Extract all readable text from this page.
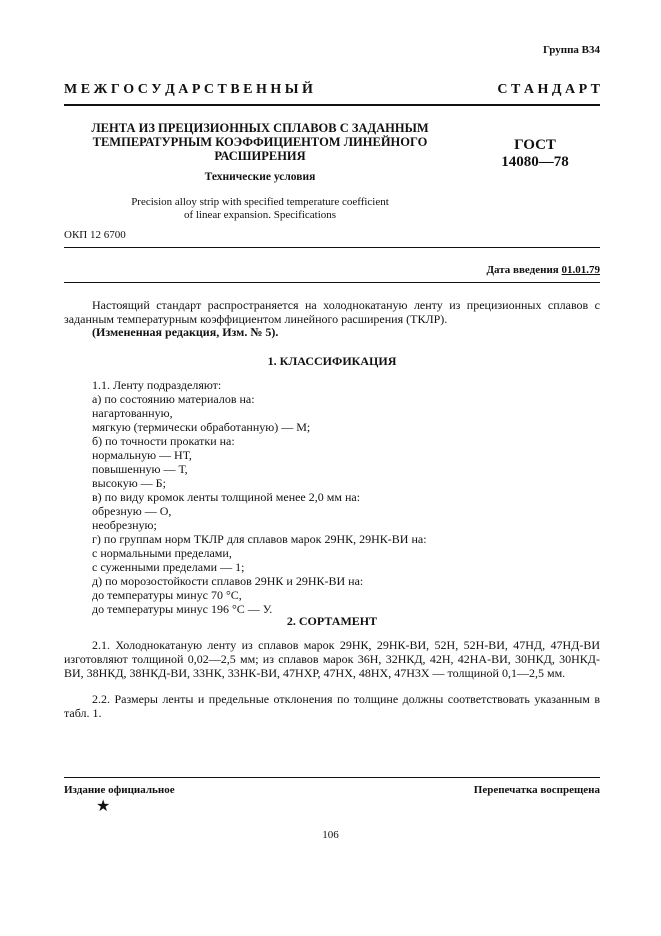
Группа В34
М Е Ж Г О С У Д А Р С Т В Е Н Н Ы Й	С Т А Н Д А Р Т
ЛЕНТА ИЗ ПРЕЦИЗИОННЫХ СПЛАВОВ С ЗАДАННЫМ ТЕМПЕРАТУРНЫМ КОЭФФИЦИЕНТОМ ЛИНЕЙНОГО РАСШИРЕНИЯ
Технические условия
Precision alloy strip with specified temperature coefficient of linear expansion. Specifications
ГОСТ
14080—78
ОКП 12 6700
Дата введения 01.01.79
Настоящий стандарт распространяется на холоднокатаную ленту из прецизионных сплавов с заданным температурным коэффициентом линейного расширения (ТКЛР).
(Измененная редакция, Изм. № 5).
1. КЛАССИФИКАЦИЯ
1.1. Ленту подразделяют:
а) по состоянию материалов на:
нагартованную,
мягкую (термически обработанную) — М;
б) по точности прокатки на:
нормальную — НТ,
повышенную — Т,
высокую — Б;
в) по виду кромок ленты толщиной менее 2,0 мм на:
обрезную — О,
необрезную;
г) по группам норм ТКЛР для сплавов марок 29НК, 29НК-ВИ на:
с нормальными пределами,
с суженными пределами — 1;
д) по морозостойкости сплавов 29НК и 29НК-ВИ на:
до температуры минус 70 °С,
до температуры минус 196 °С — У.
2. СОРТАМЕНТ
2.1. Холоднокатаную ленту из сплавов марок 29НК, 29НК-ВИ, 52Н, 52Н-ВИ, 47НД, 47НД-ВИ изготовляют толщиной 0,02—2,5 мм; из сплавов марок 36Н, 32НКД, 42Н, 42НА-ВИ, 30НКД, 30НКД-ВИ, 38НКД, 38НКД-ВИ, 33НК, 33НК-ВИ, 47НХР, 47НХ, 48НХ, 47Н3Х — толщиной 0,1—2,5 мм.
2.2. Размеры ленты и предельные отклонения по толщине должны соответствовать указанным в табл. 1.
Издание официальное	Перепечатка воспрещена
★
106
